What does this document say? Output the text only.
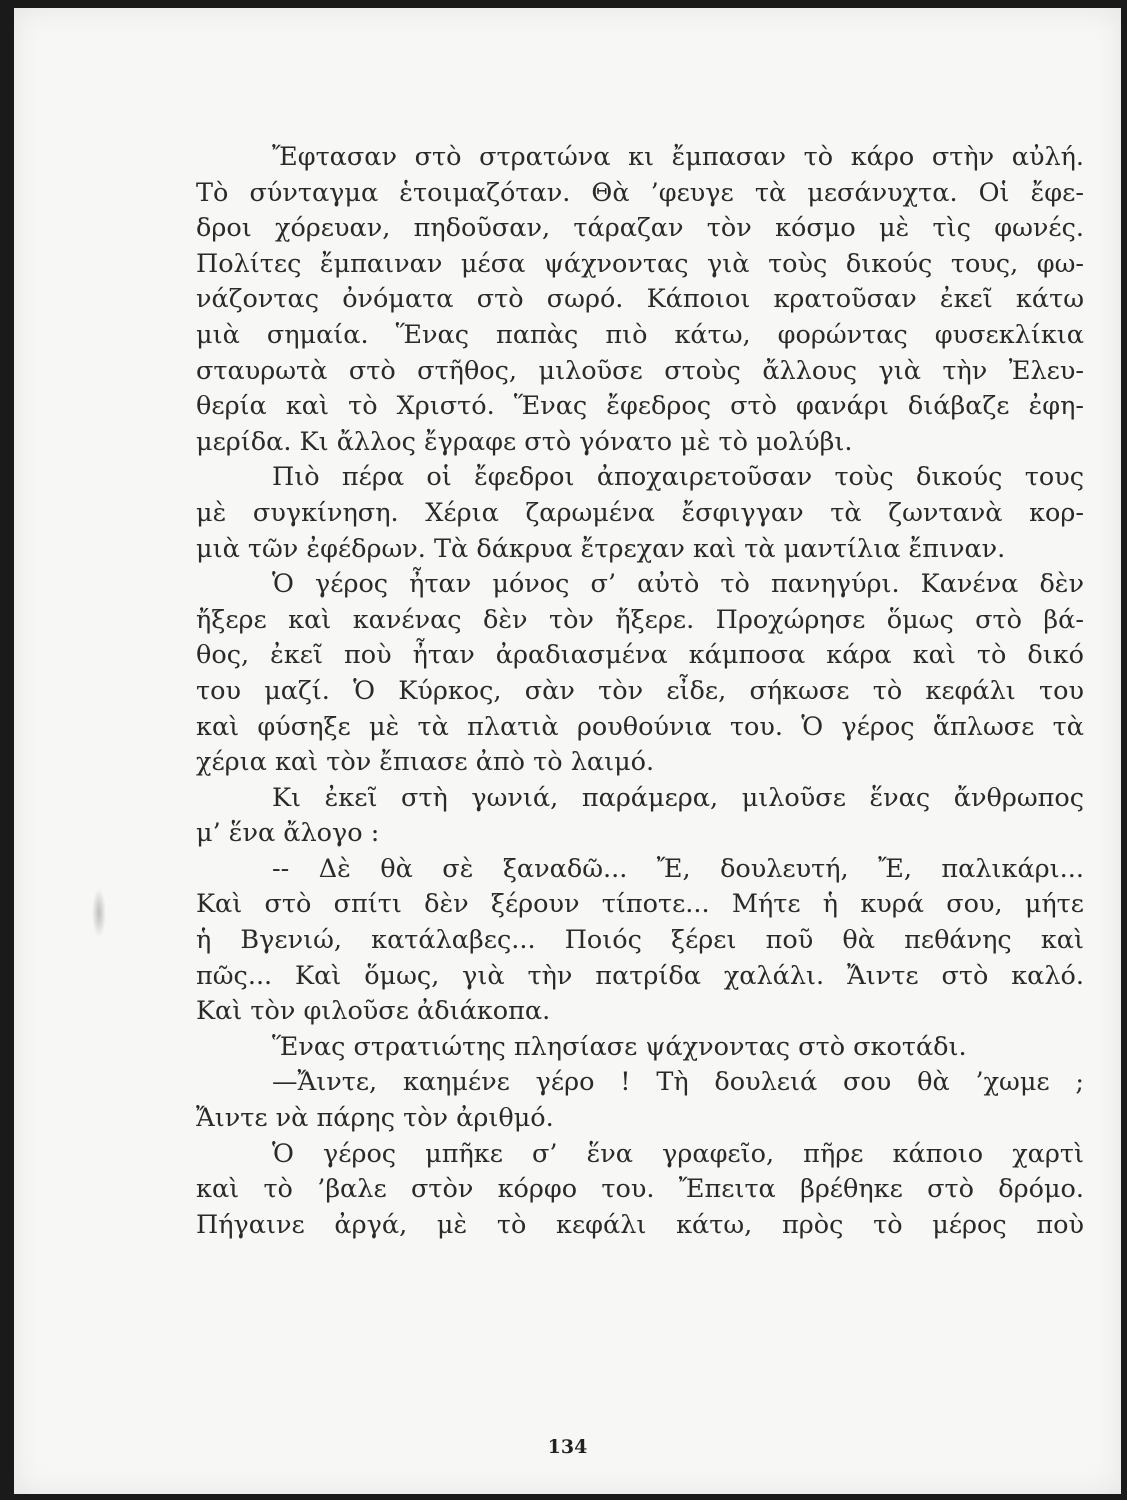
Ἔφτασαν στὸ στρατώνα κι ἔμπασαν τὸ κάρο στὴν αὐλή.
Τὸ σύνταγμα ἑτοιμαζόταν. Θὰ ’φευγε τὰ μεσάνυχτα. Οἱ ἔφε-
δροι χόρευαν, πηδοῦσαν, τάραζαν τὸν κόσμο μὲ τὶς φωνές.
Πολίτες ἔμπαιναν μέσα ψάχνοντας γιὰ τοὺς δικούς τους, φω-
νάζοντας ὀνόματα στὸ σωρό. Κάποιοι κρατοῦσαν ἐκεῖ κάτω
μιὰ σημαία. Ἕνας παπὰς πιὸ κάτω, φορώντας φυσεκλίκια
σταυρωτὰ στὸ στῆθος, μιλοῦσε στοὺς ἄλλους γιὰ τὴν Ἐλευ-
θερία καὶ τὸ Χριστό. Ἕνας ἔφεδρος στὸ φανάρι διάβαζε ἐφη-
μερίδα. Κι ἄλλος ἔγραφε στὸ γόνατο μὲ τὸ μολύβι.
Πιὸ πέρα οἱ ἔφεδροι ἀποχαιρετοῦσαν τοὺς δικούς τους
μὲ συγκίνηση. Χέρια ζαρωμένα ἔσφιγγαν τὰ ζωντανὰ κορ-
μιὰ τῶν ἐφέδρων. Τὰ δάκρυα ἔτρεχαν καὶ τὰ μαντίλια ἔπιναν.
Ὁ γέρος ἦταν μόνος σ’ αὐτὸ τὸ πανηγύρι. Κανένα δὲν
ἤξερε καὶ κανένας δὲν τὸν ἤξερε. Προχώρησε ὅμως στὸ βά-
θος, ἐκεῖ ποὺ ἦταν ἀραδιασμένα κάμποσα κάρα καὶ τὸ δικό
του μαζί. Ὁ Κύρκος, σὰν τὸν εἶδε, σήκωσε τὸ κεφάλι του
καὶ φύσηξε μὲ τὰ πλατιὰ ρουθούνια του. Ὁ γέρος ἅπλωσε τὰ
χέρια καὶ τὸν ἔπιασε ἀπὸ τὸ λαιμό.
Κι ἐκεῖ στὴ γωνιά, παράμερα, μιλοῦσε ἕνας ἄνθρωπος
μ’ ἕνα ἄλογο :
-- Δὲ θὰ σὲ ξαναδῶ... Ἔ, δουλευτή, Ἔ, παλικάρι...
Καὶ στὸ σπίτι δὲν ξέρουν τίποτε... Μήτε ἡ κυρά σου, μήτε
ἡ Βγενιώ, κατάλαβες... Ποιός ξέρει ποῦ θὰ πεθάνης καὶ
πῶς... Καὶ ὅμως, γιὰ τὴν πατρίδα χαλάλι. Ἄιντε στὸ καλό.
Καὶ τὸν φιλοῦσε ἀδιάκοπα.
Ἕνας στρατιώτης πλησίασε ψάχνοντας στὸ σκοτάδι.
—Ἄιντε, καημένε γέρο ! Τὴ δουλειά σου θὰ ’χωμε ;
Ἄιντε νὰ πάρης τὸν ἀριθμό.
Ὁ γέρος μπῆκε σ’ ἕνα γραφεῖο, πῆρε κάποιο χαρτὶ
καὶ τὸ ’βαλε στὸν κόρφο του. Ἔπειτα βρέθηκε στὸ δρόμο.
Πήγαινε ἀργά, μὲ τὸ κεφάλι κάτω, πρὸς τὸ μέρος ποὺ
134
